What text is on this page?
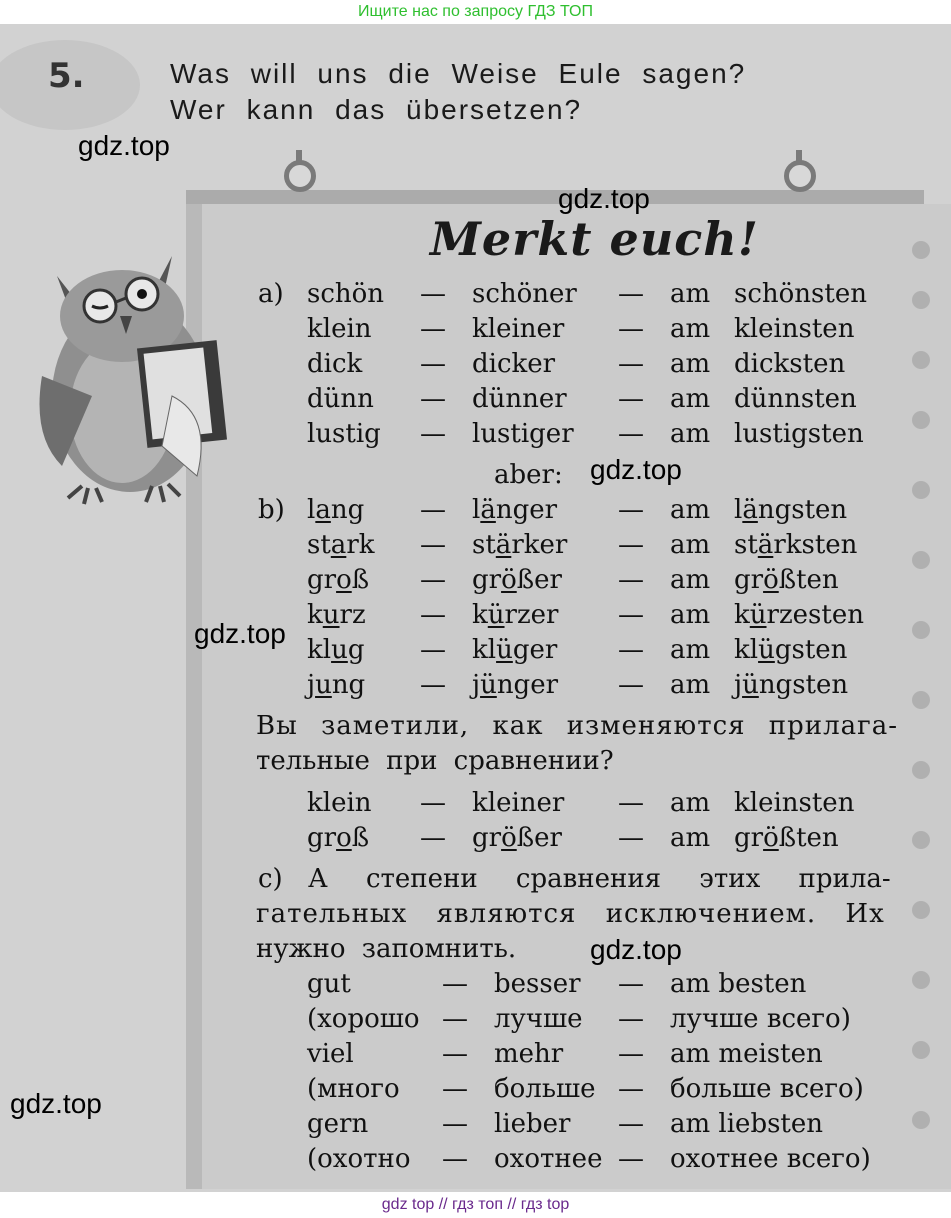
Ищите нас по запросу ГДЗ ТОП
5.	Was will uns die Weise Eule sagen?
Wer kann das übersetzen?
Merkt euch!
a) schön — schöner — am schönsten
klein — kleiner — am kleinsten
dick — dicker — am dicksten
dünn — dünner — am dünnsten
lustig — lustiger — am lustigsten
aber:
b) lang — länger — am längsten
stark — stärker — am stärksten
groß — größer — am größten
kurz — kürzer — am kürzesten
klug — klüger — am klügsten
jung — jünger — am jüngsten
Вы заметили, как изменяются прилага-
тельные при сравнении?
klein — kleiner — am kleinsten
groß — größer — am größten
c) А степени сравнения этих прила-
гательных являются исключением. Их
нужно запомнить.
gut	— besser — am besten
(хорошо — лучше — лучше всего)
viel	— mehr — am meisten
(много — больше — больше всего)
gern	— lieber — am liebsten
(охотно — охотнее — охотнее всего)
gdz.top
gdz.top
gdz.top
gdz.top
gdz.top
gdz.top
gdz top // гдз топ // гдз top
